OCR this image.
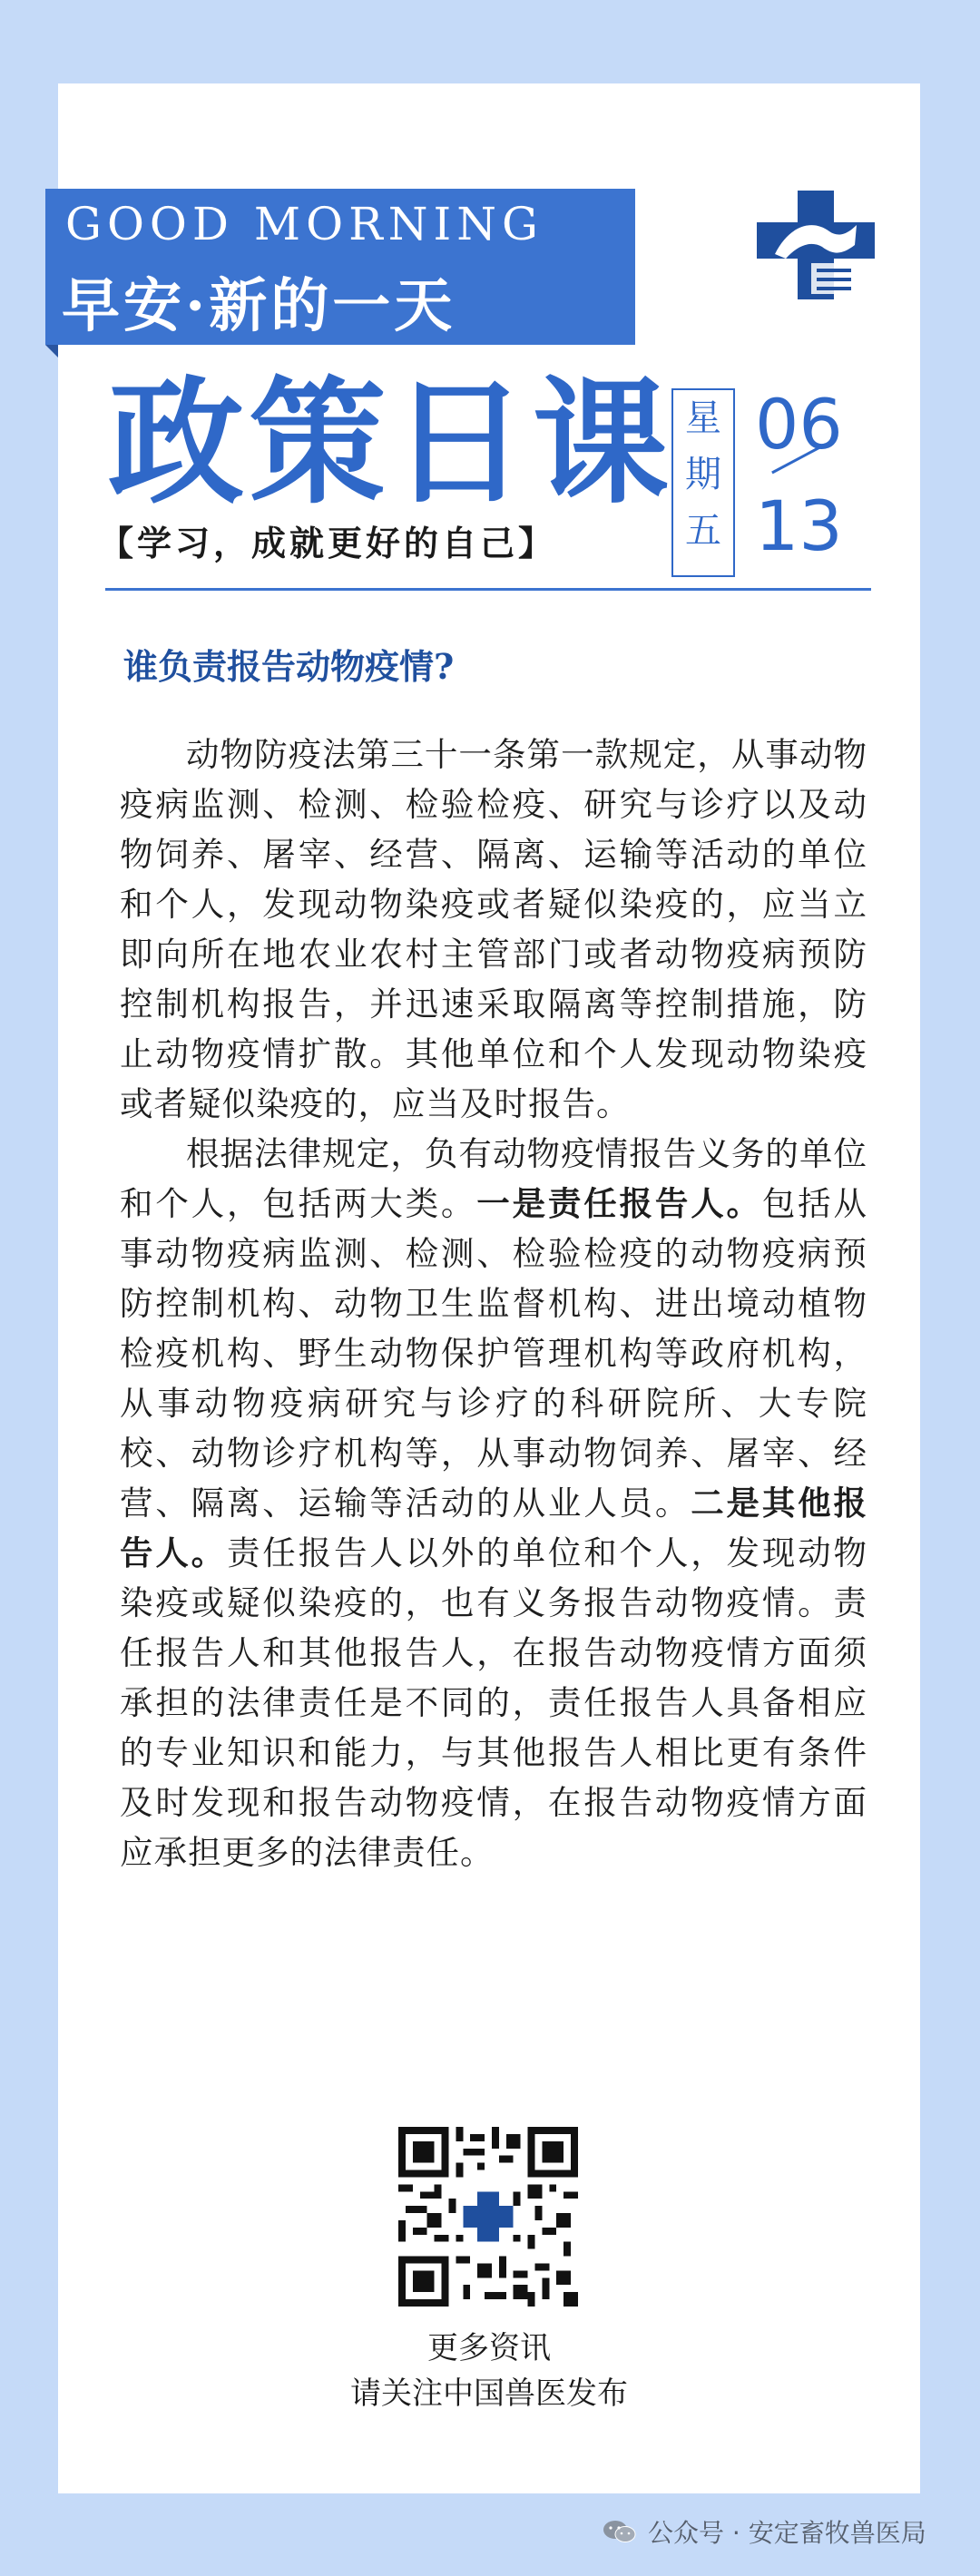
GOOD MORNING
早安·新的一天
政策日课
【学习，成就更好的自己】
星
期
五
06
13
谁负责报告动物疫情?

动物防疫法第三十一条第一款规定，从事动物疫病监测、检测、检验检疫、研究与诊疗以及动物饲养、屠宰、经营、隔离、运输等活动的单位和个人，发现动物染疫或者疑似染疫的，应当立即向所在地农业农村主管部门或者动物疫病预防控制机构报告，并迅速采取隔离等控制措施，防止动物疫情扩散。其他单位和个人发现动物染疫或者疑似染疫的，应当及时报告。

根据法律规定，负有动物疫情报告义务的单位和个人，包括两大类。一是责任报告人。包括从事动物疫病监测、检测、检验检疫的动物疫病预防控制机构、动物卫生监督机构、进出境动植物检疫机构、野生动物保护管理机构等政府机构，从事动物疫病研究与诊疗的科研院所、大专院校、动物诊疗机构等，从事动物饲养、屠宰、经营、隔离、运输等活动的从业人员。二是其他报告人。责任报告人以外的单位和个人，发现动物染疫或疑似染疫的，也有义务报告动物疫情。责任报告人和其他报告人，在报告动物疫情方面须承担的法律责任是不同的，责任报告人具备相应的专业知识和能力，与其他报告人相比更有条件及时发现和报告动物疫情，在报告动物疫情方面应承担更多的法律责任。

更多资讯
请关注中国兽医发布
公众号 · 安定畜牧兽医局
